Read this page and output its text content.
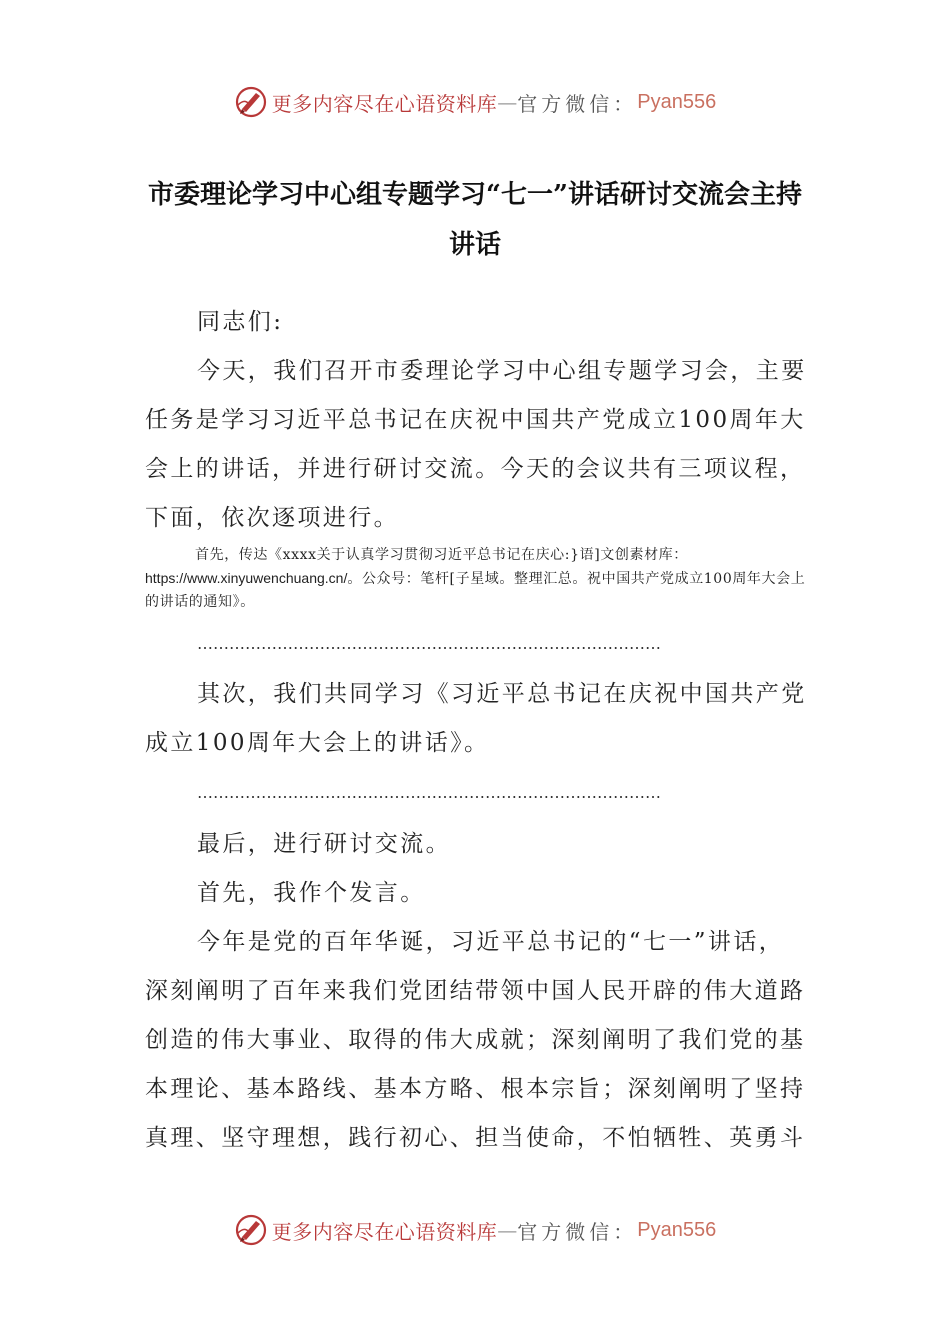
更多内容尽在心语资料库 — 官方微信： Pyan556
市委理论学习中心组专题学习“七一”讲话研讨交流会主持讲话

同志们:

今天，我们召开市委理论学习中心组专题学习会，主要任务是学习习近平总书记在庆祝中国共产党成立100周年大会上的讲话，并进行研讨交流。今天的会议共有三项议程，下面，依次逐项进行。

首先，传达《xxxx关于认真学习贯彻习近平总书记在庆心:}语]文创素材库：https://www.xinyuwenchuang.cn/。公众号：笔杆[子星域。整理汇总。祝中国共产党成立100周年大会上的讲话的通知》。

……………………………………………………………………………

其次，我们共同学习《习近平总书记在庆祝中国共产党成立100周年大会上的讲话》。

……………………………………………………………………………

最后，进行研讨交流。

首先，我作个发言。

今年是党的百年华诞，习近平总书记的“七一”讲话，深刻阐明了百年来我们党团结带领中国人民开辟的伟大道路创造的伟大事业、取得的伟大成就；深刻阐明了我们党的基本理论、基本路线、基本方略、根本宗旨；深刻阐明了坚持真理、坚守理想，践行初心、担当使命，不怕牺牲、英勇斗

更多内容尽在心语资料库 — 官方微信： Pyan556
